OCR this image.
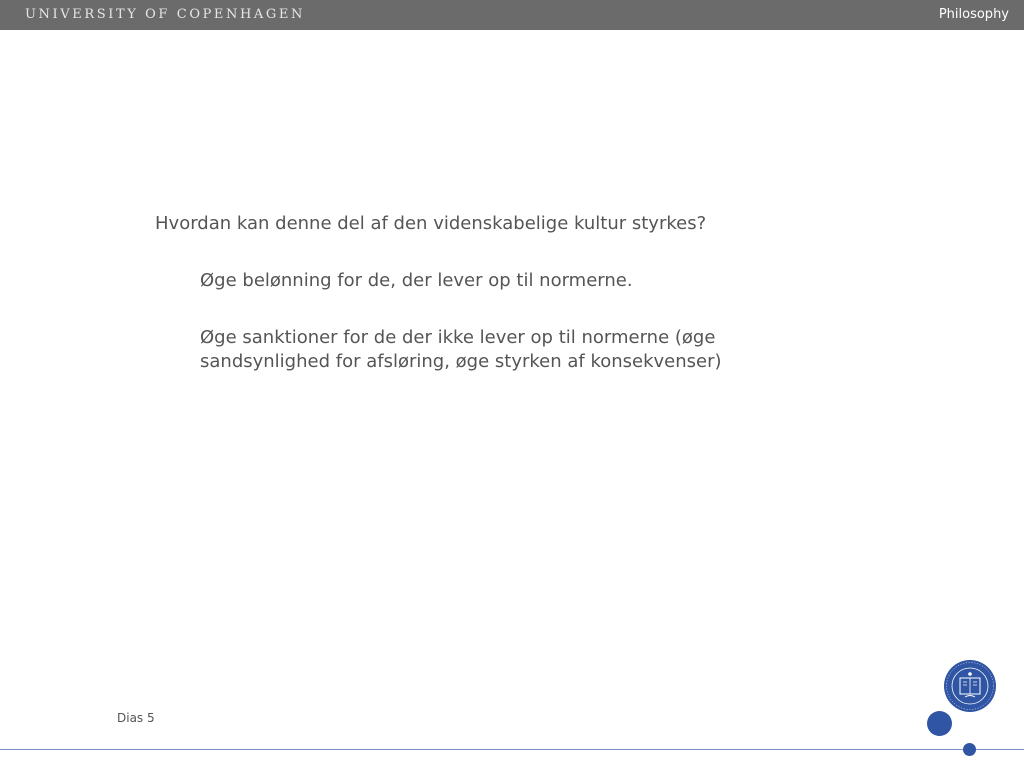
UNIVERSITY OF COPENHAGEN	Philosophy
Hvordan kan denne del af den videnskabelige kultur styrkes?
Øge belønning for de, der lever op til normerne.
Øge sanktioner for de der ikke lever op til normerne (øge sandsynlighed for afsløring, øge styrken af konsekvenser)
Dias 5
